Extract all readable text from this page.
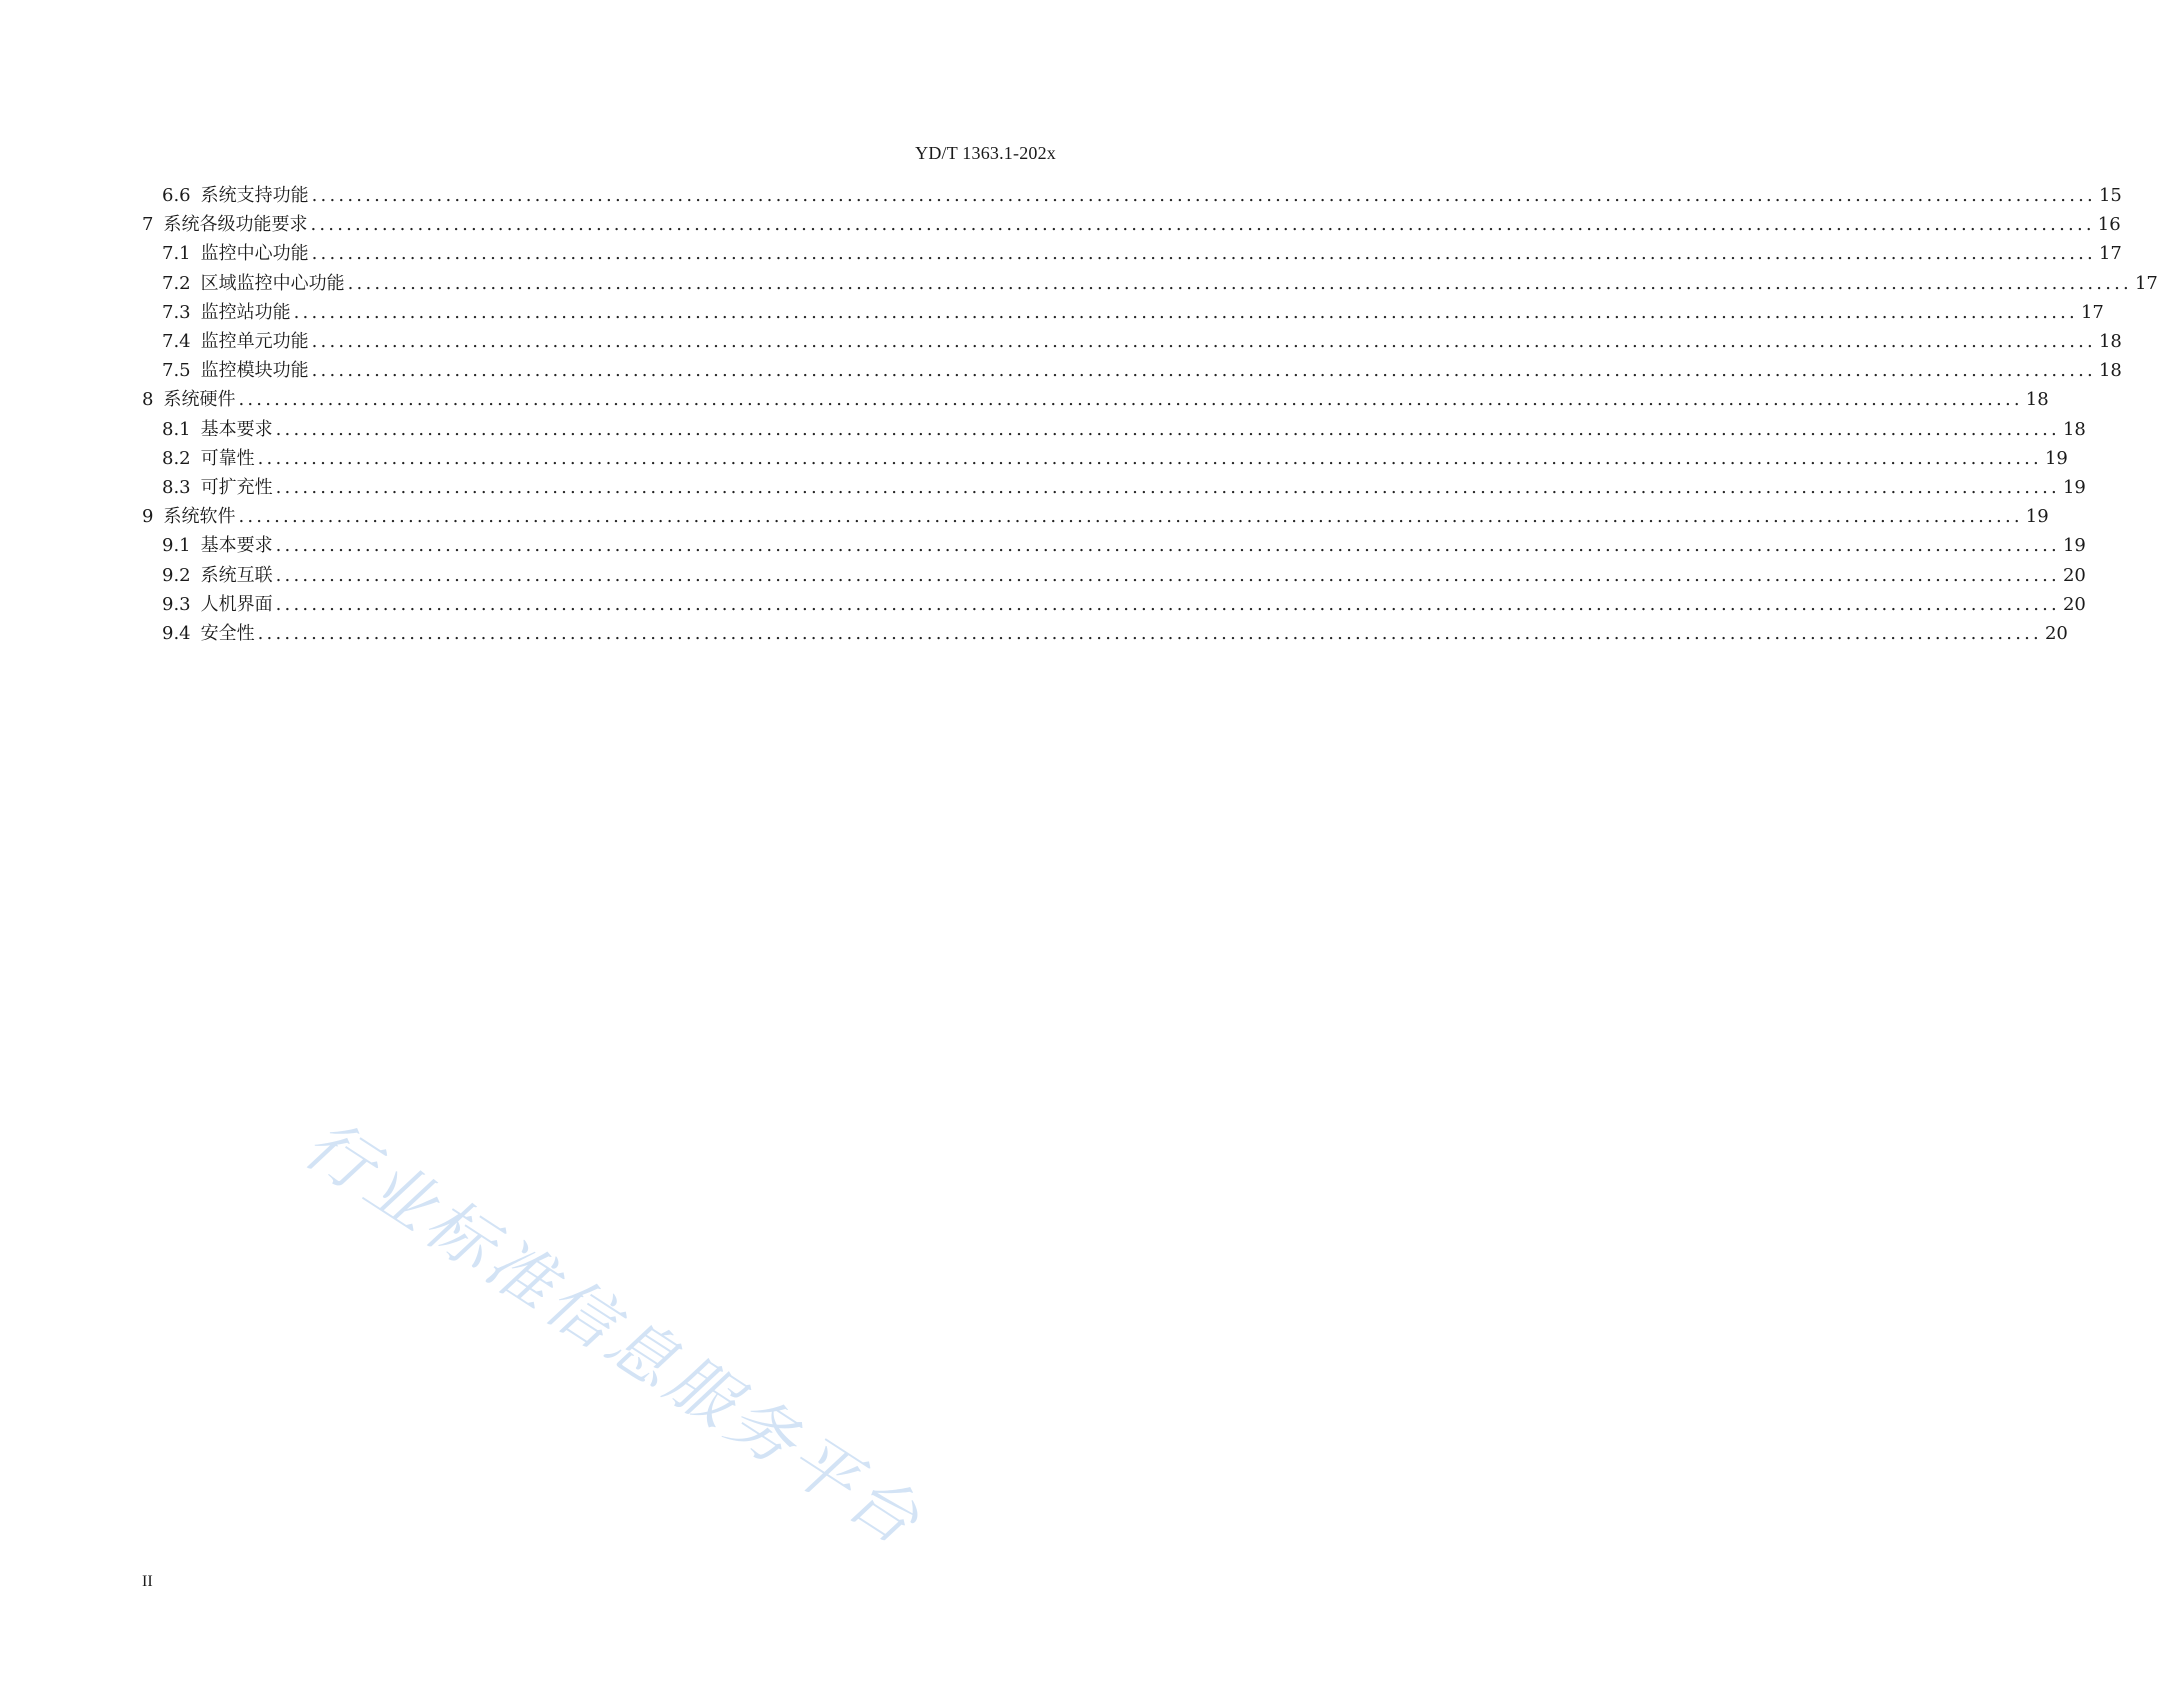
YD/T 1363.1-202x
6.6 系统支持功能 ........................................................................................................................................................................................................ 15
7 系统各级功能要求 ........................................................................................................................................................................................................ 16
7.1 监控中心功能 ........................................................................................................................................................................................................ 17
7.2 区域监控中心功能 ........................................................................................................................................................................................................ 17
7.3 监控站功能 ........................................................................................................................................................................................................ 17
7.4 监控单元功能 ........................................................................................................................................................................................................ 18
7.5 监控模块功能 ........................................................................................................................................................................................................ 18
8 系统硬件 ........................................................................................................................................................................................................ 18
8.1 基本要求 ........................................................................................................................................................................................................ 18
8.2 可靠性 ........................................................................................................................................................................................................ 19
8.3 可扩充性 ........................................................................................................................................................................................................ 19
9 系统软件 ........................................................................................................................................................................................................ 19
9.1 基本要求 ........................................................................................................................................................................................................ 19
9.2 系统互联 ........................................................................................................................................................................................................ 20
9.3 人机界面 ........................................................................................................................................................................................................ 20
9.4 安全性 ........................................................................................................................................................................................................ 20
行业标准信息服务平台
II
